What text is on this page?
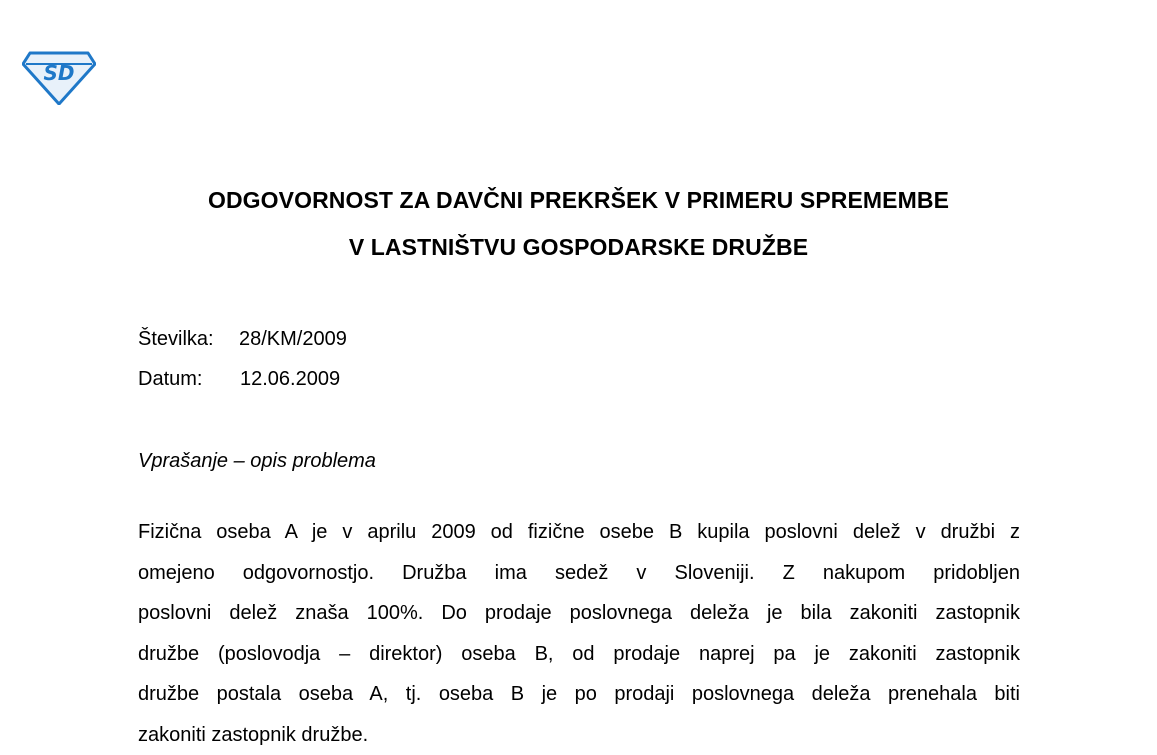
SD
ODGOVORNOST ZA DAVČNI PREKRŠEK V PRIMERU SPREMEMBE
V LASTNIŠTVU GOSPODARSKE DRUŽBE
Številka: 28/KM/2009
Datum: 12.06.2009
Vprašanje – opis problema
Fizična oseba A je v aprilu 2009 od fizične osebe B kupila poslovni delež v družbi z
omejeno odgovornostjo. Družba ima sedež v Sloveniji. Z nakupom pridobljen
poslovni delež znaša 100%. Do prodaje poslovnega deleža je bila zakoniti zastopnik
družbe (poslovodja – direktor) oseba B, od prodaje naprej pa je zakoniti zastopnik
družbe postala oseba A, tj. oseba B je po prodaji poslovnega deleža prenehala biti
zakoniti zastopnik družbe.
